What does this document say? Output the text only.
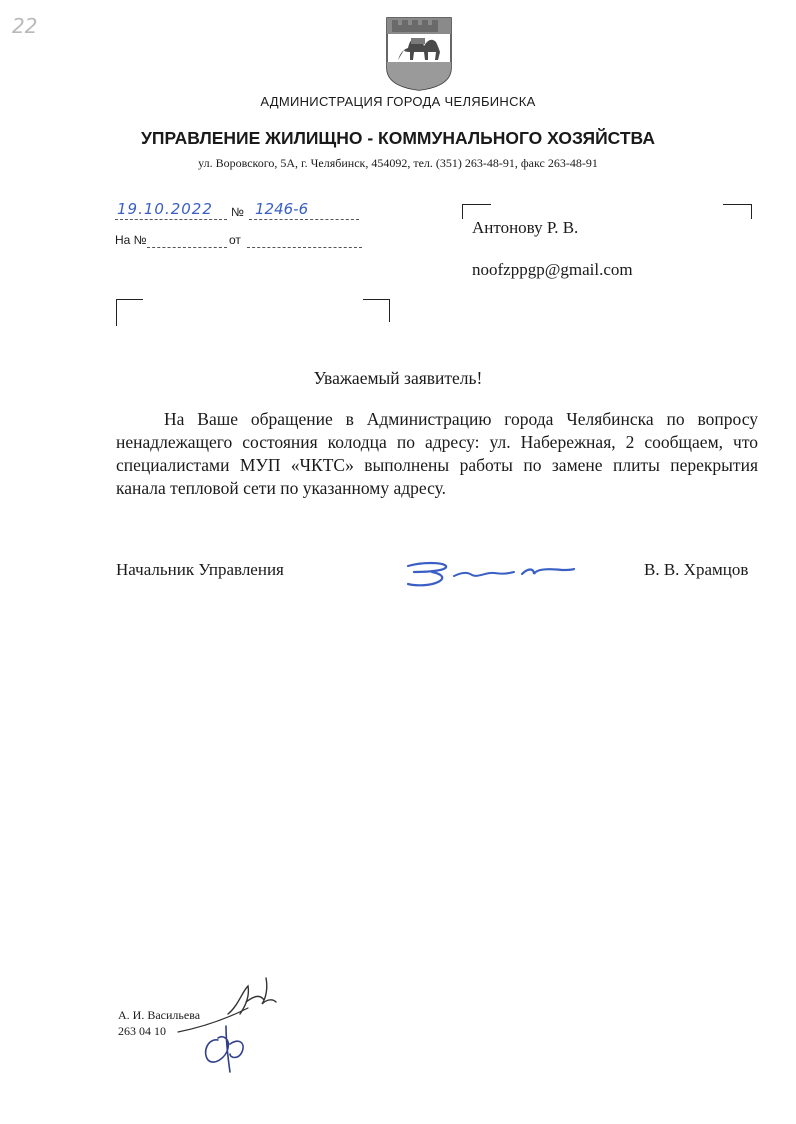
22
АДМИНИСТРАЦИЯ ГОРОДА ЧЕЛЯБИНСКА
УПРАВЛЕНИЕ ЖИЛИЩНО - КОММУНАЛЬНОГО ХОЗЯЙСТВА
ул. Воровского, 5А, г. Челябинск, 454092, тел. (351) 263-48-91, факс 263-48-91
19.10.2022 № 1246-6
На №	от
Антонову Р. В.
noofzppgp@gmail.com
Уважаемый заявитель!

На Ваше обращение в Администрацию города Челябинска по вопросу ненадлежащего состояния колодца по адресу: ул. Набережная, 2 сообщаем, что специалистами МУП «ЧКТС» выполнены работы по замене плиты перекрытия канала тепловой сети по указанному адресу.

Начальник Управления	В. В. Храмцов
А. И. Васильева
263 04 10
